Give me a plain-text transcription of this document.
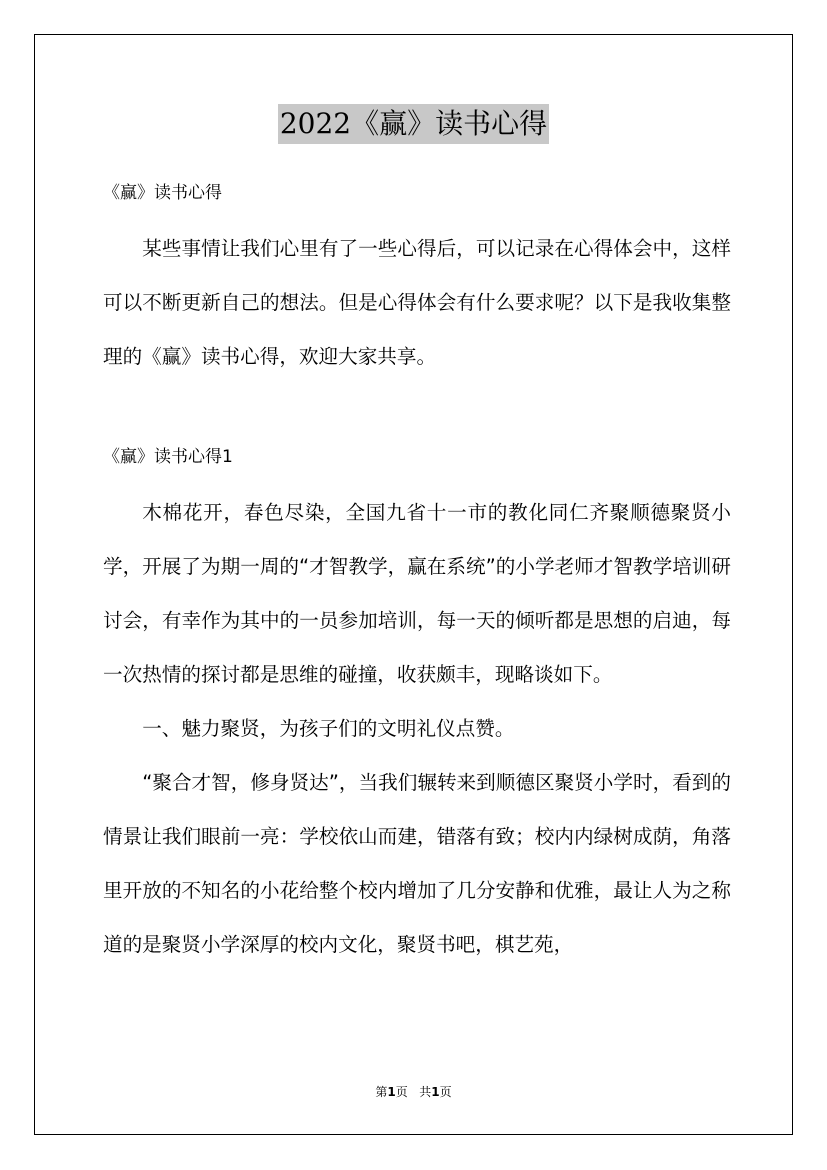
2022《赢》读书心得

《赢》读书心得

某些事情让我们心里有了一些心得后，可以记录在心得体会中，这样可以不断更新自己的想法。但是心得体会有什么要求呢？以下是我收集整理的《赢》读书心得，欢迎大家共享。

《赢》读书心得1

木棉花开，春色尽染，全国九省十一市的教化同仁齐聚顺德聚贤小学，开展了为期一周的“才智教学，赢在系统”的小学老师才智教学培训研讨会，有幸作为其中的一员参加培训，每一天的倾听都是思想的启迪，每一次热情的探讨都是思维的碰撞，收获颇丰，现略谈如下。

一、魅力聚贤，为孩子们的文明礼仪点赞。

“聚合才智，修身贤达”，当我们辗转来到顺德区聚贤小学时，看到的情景让我们眼前一亮：学校依山而建，错落有致；校内内绿树成荫，角落里开放的不知名的小花给整个校内增加了几分安静和优雅，最让人为之称道的是聚贤小学深厚的校内文化，聚贤书吧，棋艺苑，

第1页 共1页
